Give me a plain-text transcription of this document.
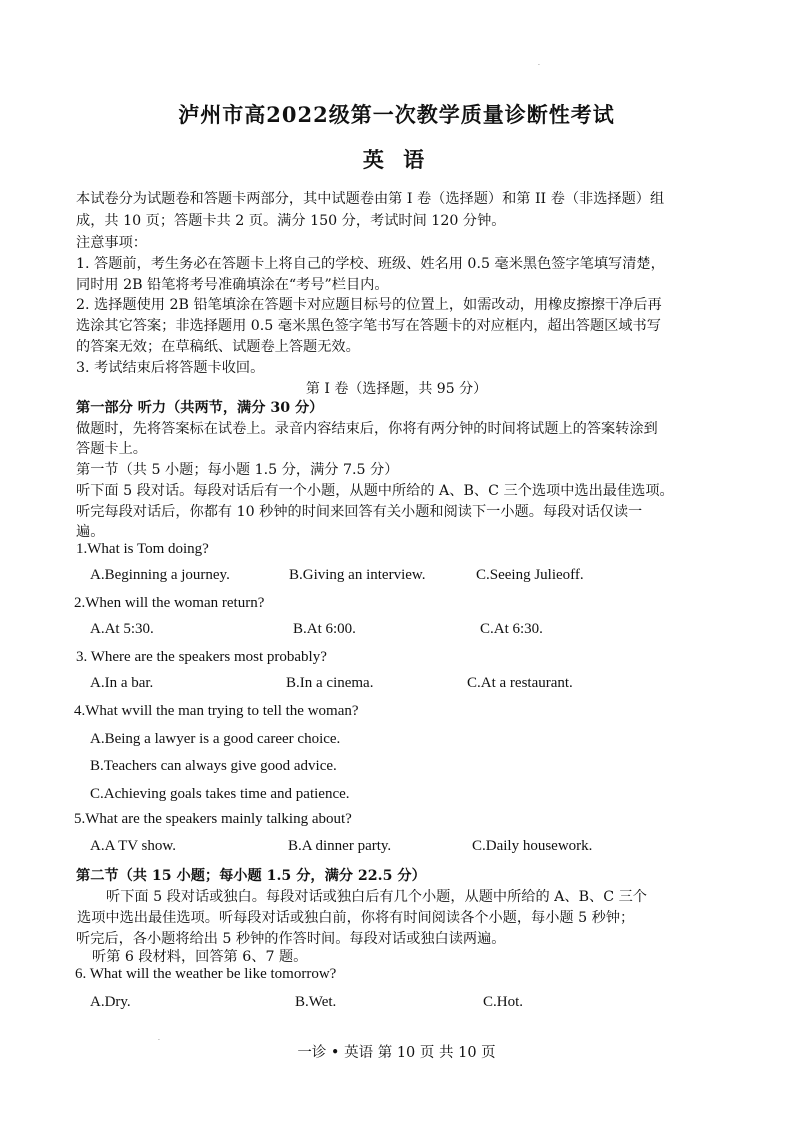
.
泸州市高2022级第一次教学质量诊断性考试
英 语
本试卷分为试题卷和答题卡两部分，其中试题卷由第 I 卷（选择题）和第 II 卷（非选择题）组
成，共 10 页；答题卡共 2 页。满分 150 分，考试时间 120 分钟。
注意事项：
1. 答题前，考生务必在答题卡上将自己的学校、班级、姓名用 0.5 毫米黑色签字笔填写清楚，
同时用 2B 铅笔将考号准确填涂在“考号”栏目内。
2. 选择题使用 2B 铅笔填涂在答题卡对应题目标号的位置上，如需改动，用橡皮擦擦干净后再
选涂其它答案；非选择题用 0.5 毫米黑色签字笔书写在答题卡的对应框内，超出答题区域书写
的答案无效；在草稿纸、试题卷上答题无效。
3. 考试结束后将答题卡收回。
第 I 卷（选择题，共 95 分）
第一部分 听力（共两节，满分 30 分）
做题时，先将答案标在试卷上。录音内容结束后，你将有两分钟的时间将试题上的答案转涂到
答题卡上。
第一节（共 5 小题；每小题 1.5 分，满分 7.5 分）
听下面 5 段对话。每段对话后有一个小题，从题中所给的 A、B、C 三个选项中选出最佳选项。
听完每段对话后，你都有 10 秒钟的时间来回答有关小题和阅读下一小题。每段对话仅读一
遍。
1.What is Tom doing?
A.Beginning a journey.	B.Giving an interview.	C.Seeing Julieoff.
2.When will the woman return?
A.At 5:30.	B.At 6:00.	C.At 6:30.
3. Where are the speakers most probably?
A.In a bar.	B.In a cinema.	C.At a restaurant.
4.What wvill the man trying to tell the woman?
A.Being a lawyer is a good career choice.
B.Teachers can always give good advice.
C.Achieving goals takes time and patience.
5.What are the speakers mainly talking about?
A.A TV show.	B.A dinner party.	C.Daily housework.
第二节（共 15 小题；每小题 1.5 分，满分 22.5 分）
听下面 5 段对话或独白。每段对话或独白后有几个小题，从题中所给的 A、B、C 三个
选项中选出最佳选项。听每段对话或独白前，你将有时间阅读各个小题，每小题 5 秒钟；
听完后，各小题将给出 5 秒钟的作答时间。每段对话或独白读两遍。
听第 6 段材料，回答第 6、7 题。
6. What will the weather be like tomorrow?
A.Dry.	B.Wet.	C.Hot.
.
一诊 • 英语 第 10 页 共 10 页
